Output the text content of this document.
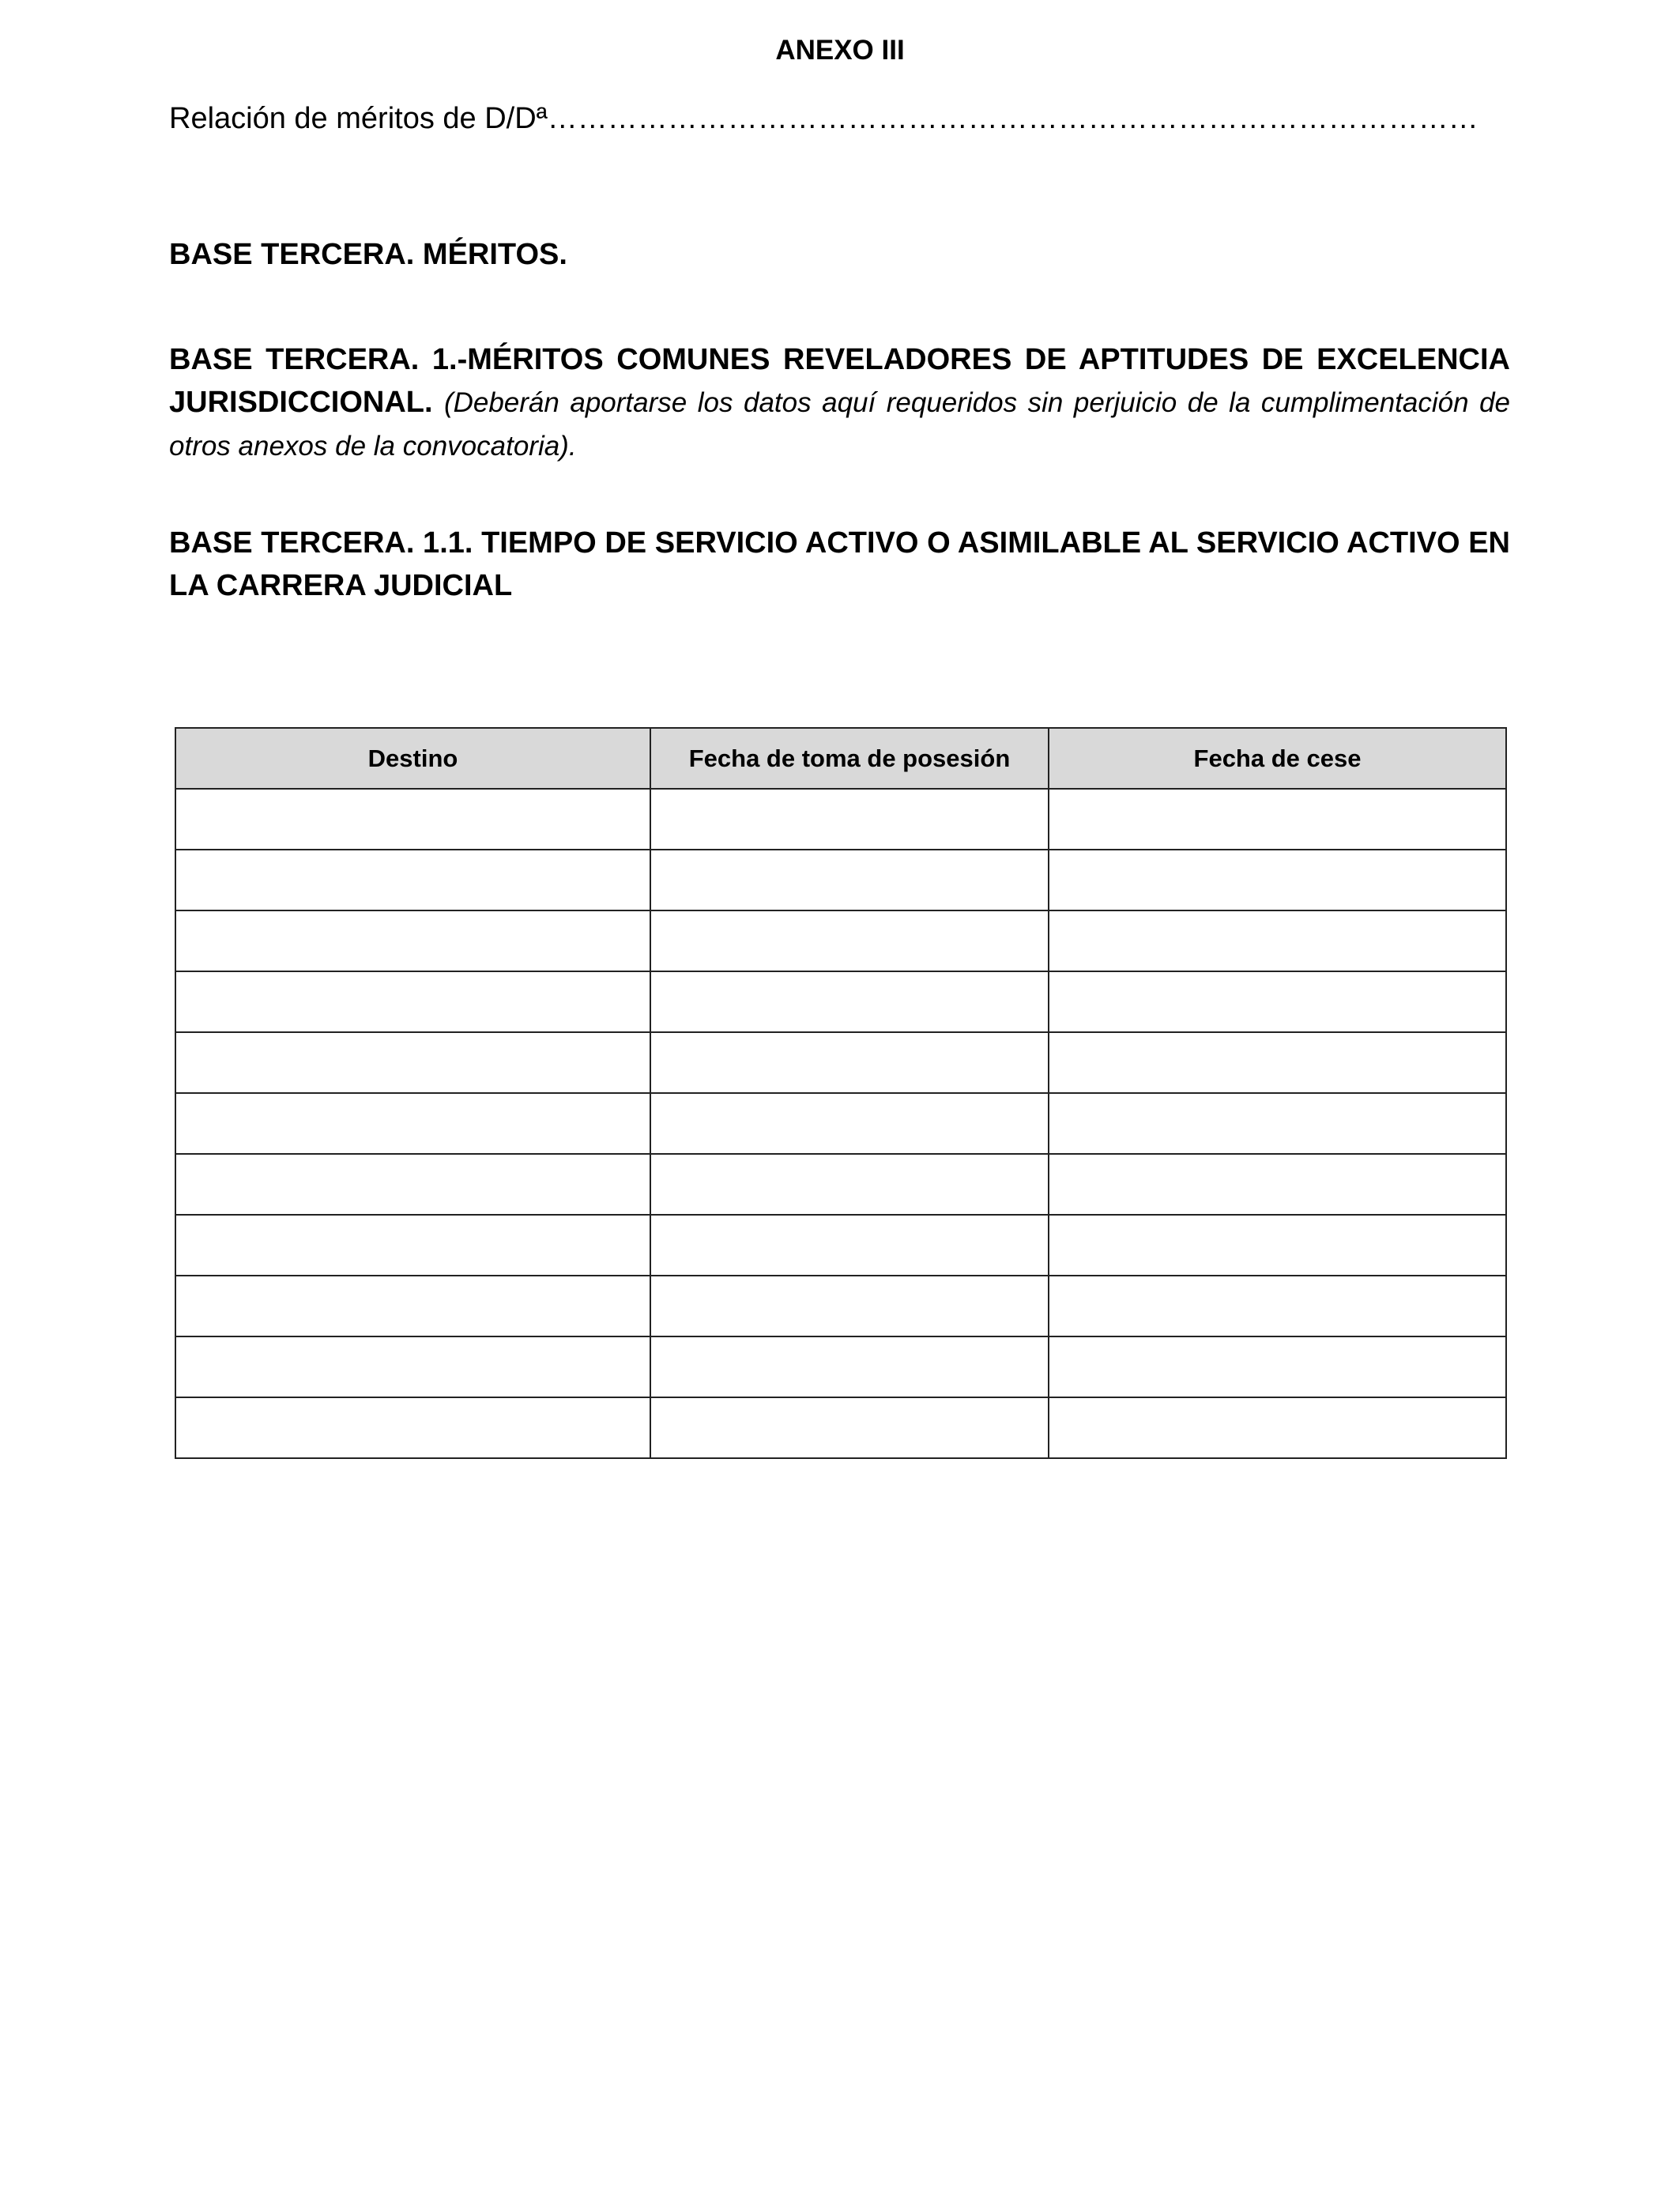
ANEXO III
Relación de méritos de D/Dª…………………………………………………………………………………
BASE TERCERA. MÉRITOS.

BASE TERCERA. 1.-MÉRITOS COMUNES REVELADORES DE APTITUDES DE EXCELENCIA JURISDICCIONAL. (Deberán aportarse los datos aquí requeridos sin perjuicio de la cumplimentación de otros anexos de la convocatoria).

BASE TERCERA. 1.1. TIEMPO DE SERVICIO ACTIVO O ASIMILABLE AL SERVICIO ACTIVO EN LA CARRERA JUDICIAL

Destino	Fecha de toma de posesión	Fecha de cese
